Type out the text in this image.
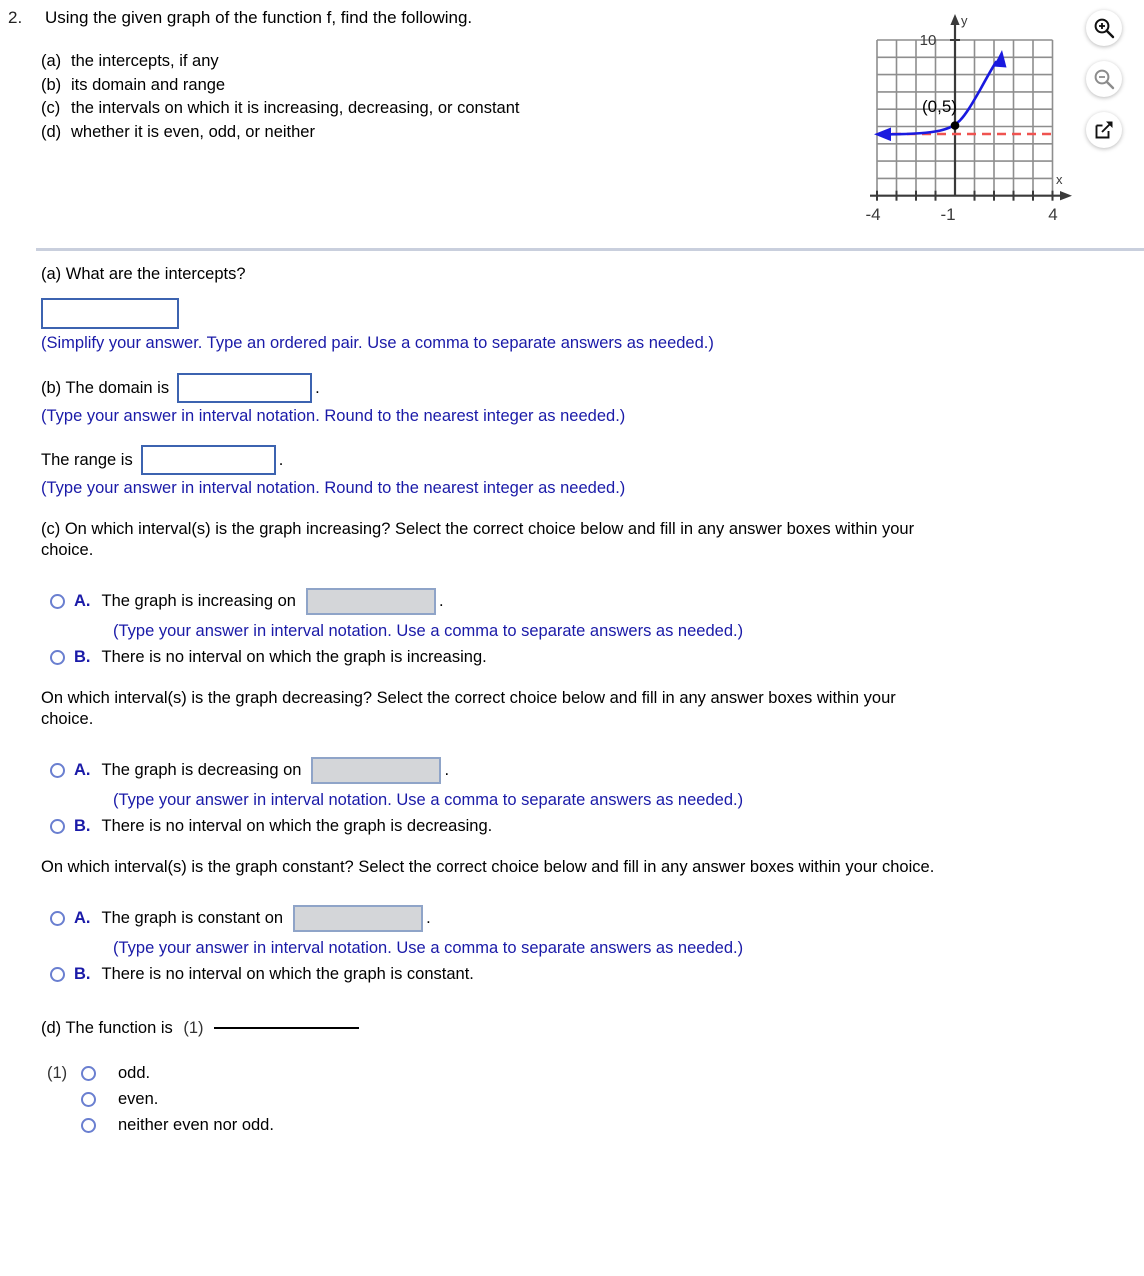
2. Using the given graph of the function f, find the following.
(a) the intercepts, if any
(b) its domain and range
(c) the intervals on which it is increasing, decreasing, or constant
(d) whether it is even, odd, or neither
y
10
x
-4	-1	4
(0,5)
(a) What are the intercepts?
(Simplify your answer. Type an ordered pair. Use a comma to separate answers as needed.)
(b) The domain is	.
(Type your answer in interval notation. Round to the nearest integer as needed.)
The range is	.
(Type your answer in interval notation. Round to the nearest integer as needed.)
(c) On which interval(s) is the graph increasing? Select the correct choice below and fill in any answer boxes within your
choice.
A. The graph is increasing on	.
(Type your answer in interval notation. Use a comma to separate answers as needed.)
B. There is no interval on which the graph is increasing.
On which interval(s) is the graph decreasing? Select the correct choice below and fill in any answer boxes within your
choice.
A. The graph is decreasing on	.
(Type your answer in interval notation. Use a comma to separate answers as needed.)
B. There is no interval on which the graph is decreasing.
On which interval(s) is the graph constant? Select the correct choice below and fill in any answer boxes within your choice.
A. The graph is constant on	.
(Type your answer in interval notation. Use a comma to separate answers as needed.)
B. There is no interval on which the graph is constant.
(d) The function is (1)
(1)	odd.
even.
neither even nor odd.
